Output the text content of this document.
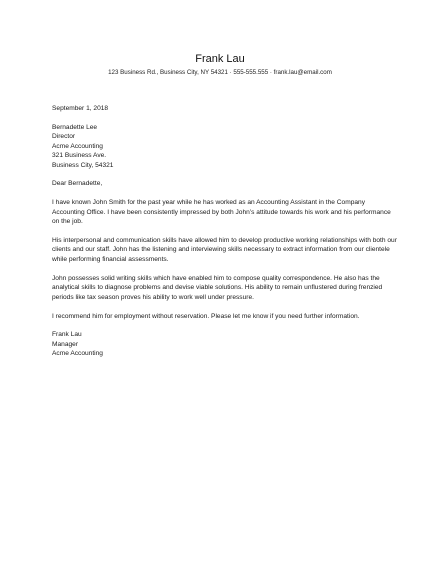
Frank Lau
123 Business Rd., Business City, NY 54321 · 555-555.555 · frank.lau@email.com
September 1, 2018
Bernadette Lee
Director
Acme Accounting
321 Business Ave.
Business City, 54321
Dear Bernadette,

I have known John Smith for the past year while he has worked as an Accounting Assistant in the Company Accounting Office. I have been consistently impressed by both John’s attitude towards his work and his performance on the job.

His interpersonal and communication skills have allowed him to develop productive working relationships with both our clients and our staff. John has the listening and interviewing skills necessary to extract information from our clientele while performing financial assessments.

John possesses solid writing skills which have enabled him to compose quality correspondence. He also has the analytical skills to diagnose problems and devise viable solutions. His ability to remain unflustered during frenzied periods like tax season proves his ability to work well under pressure.

I recommend him for employment without reservation. Please let me know if you need further information.

Frank Lau
Manager
Acme Accounting
